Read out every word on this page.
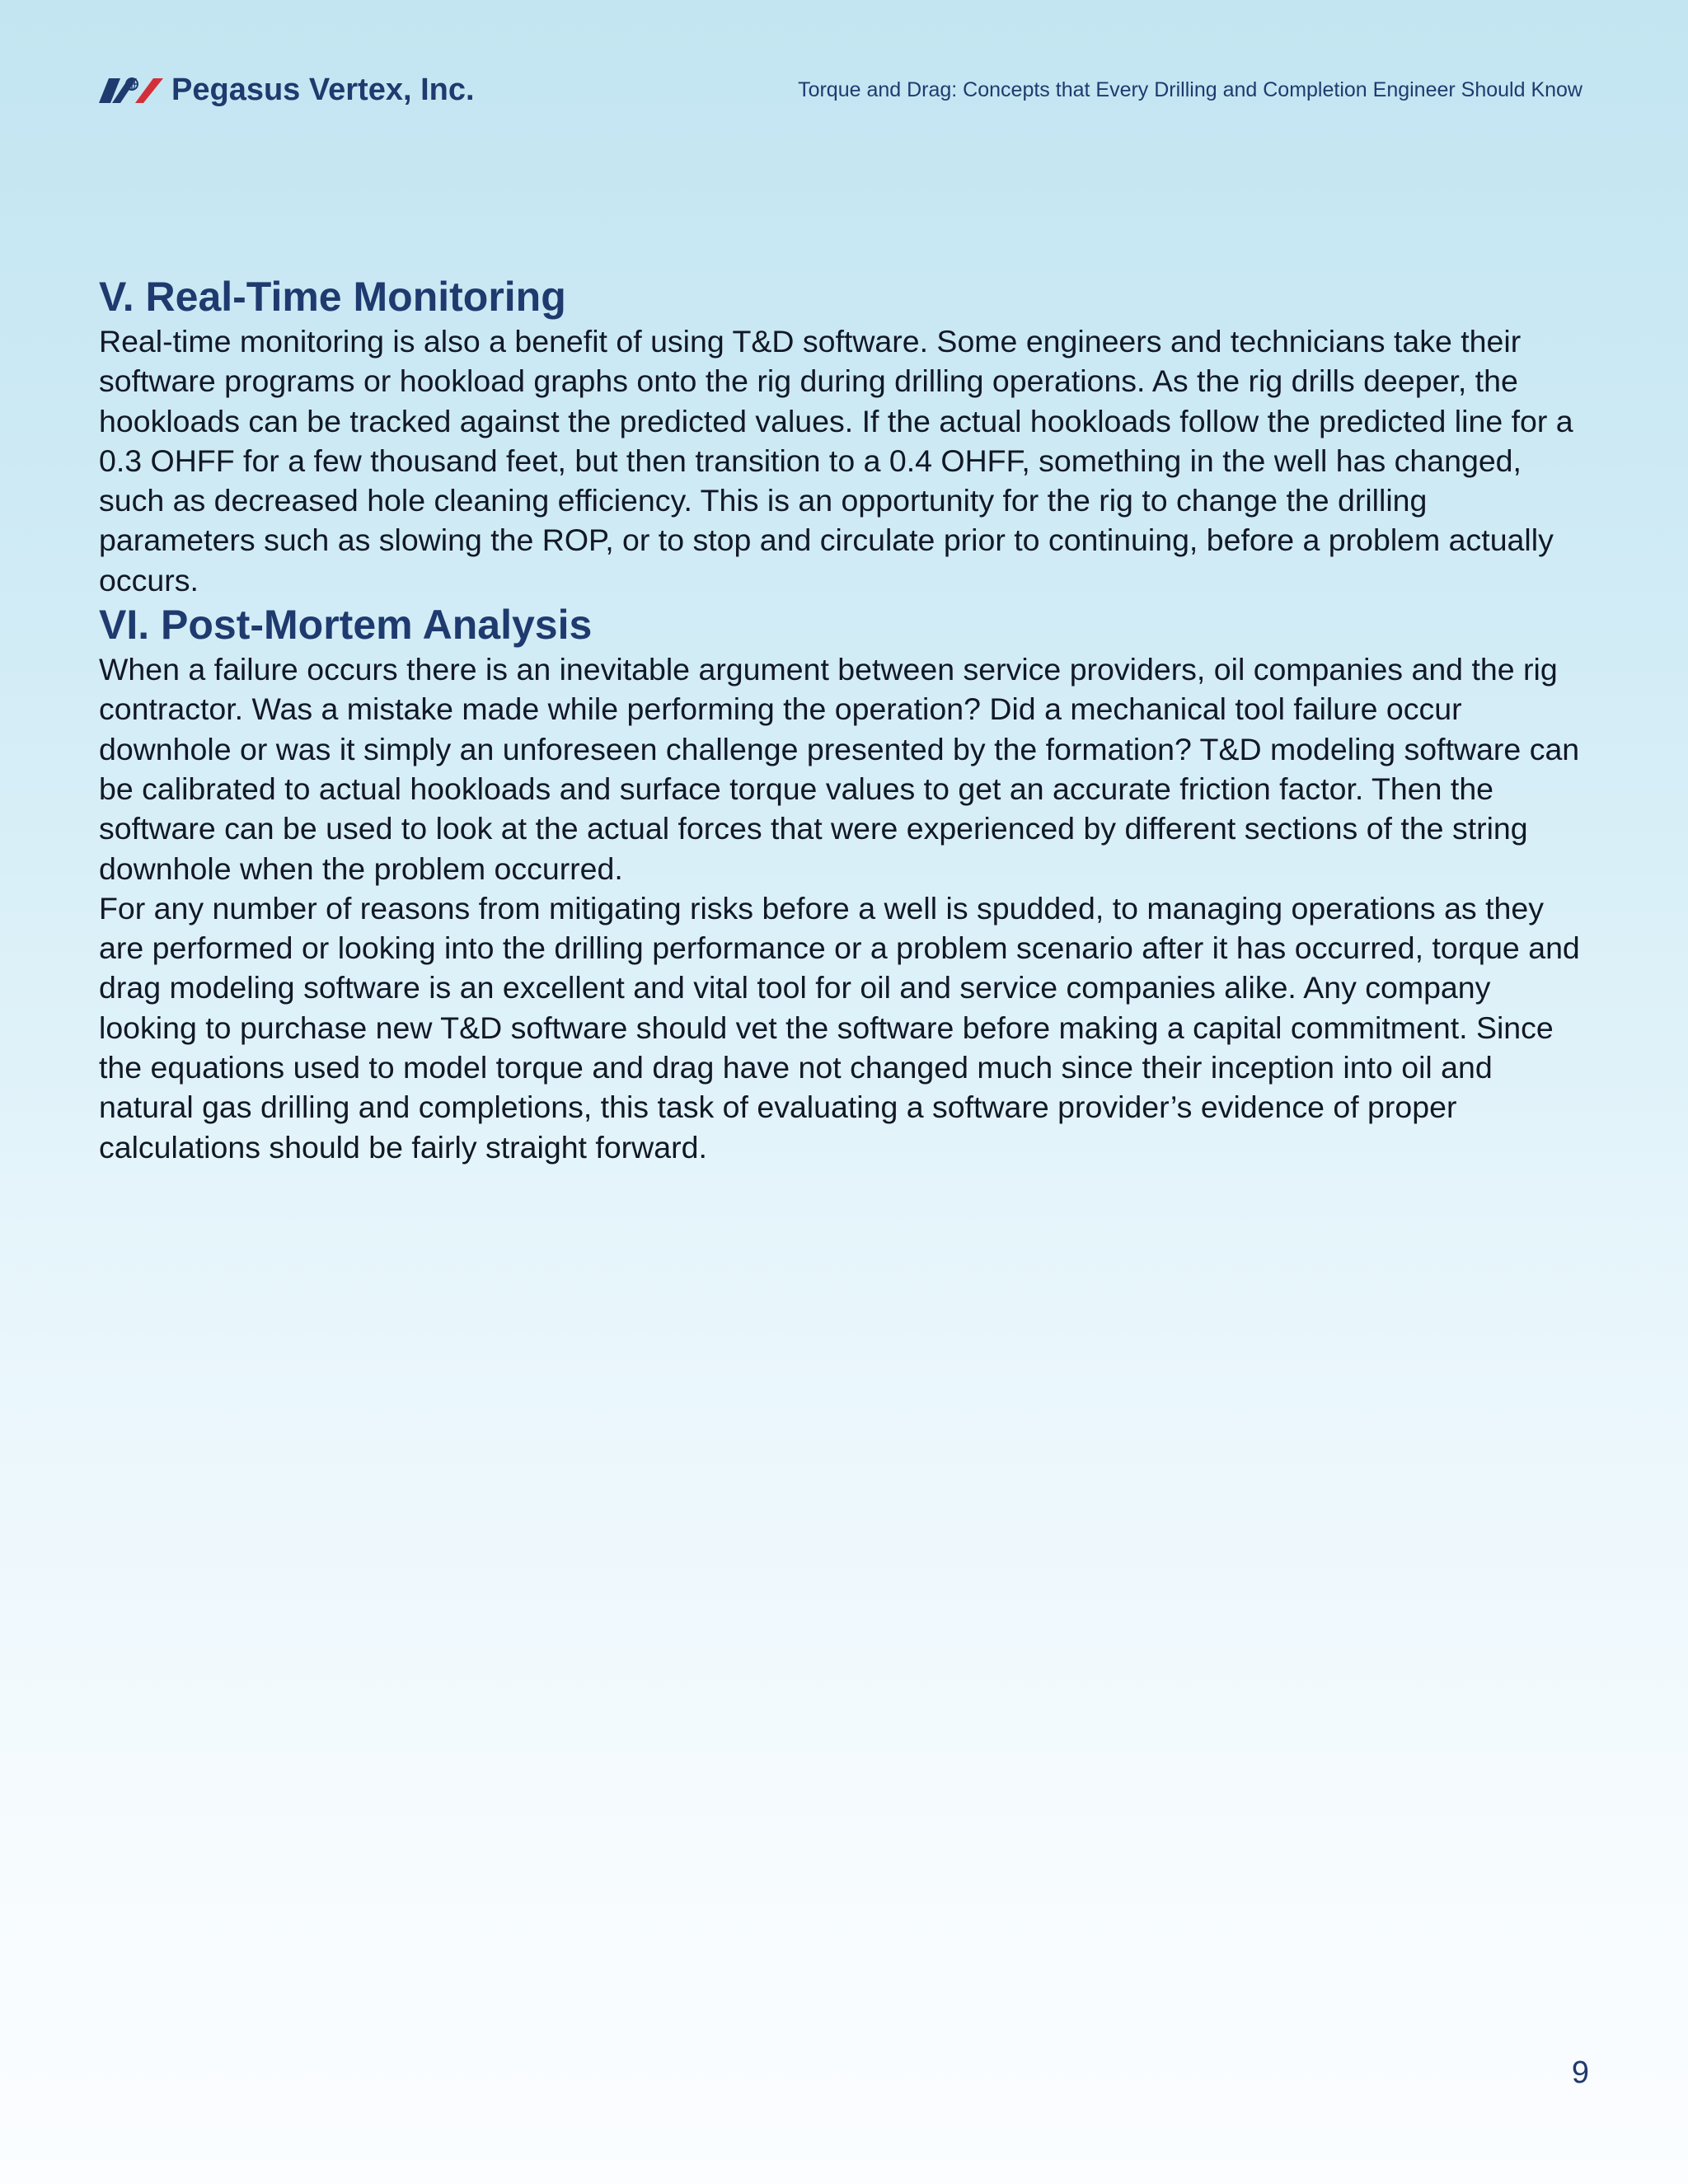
Pegasus Vertex, Inc.	Torque and Drag: Concepts that Every Drilling and Completion Engineer Should Know
V. Real-Time Monitoring

Real-time monitoring is also a benefit of using T&D software. Some engineers and technicians take their software programs or hookload graphs onto the rig during drilling operations. As the rig drills deeper, the hookloads can be tracked against the predicted values. If the actual hookloads follow the predicted line for a 0.3 OHFF for a few thousand feet, but then transition to a 0.4 OHFF, something in the well has changed, such as decreased hole cleaning efficiency. This is an opportunity for the rig to change the drilling parameters such as slowing the ROP, or to stop and circulate prior to continuing, before a problem actually occurs.

VI. Post-Mortem Analysis

When a failure occurs there is an inevitable argument between service providers, oil companies and the rig contractor. Was a mistake made while performing the operation? Did a mechanical tool failure occur downhole or was it simply an unforeseen challenge presented by the formation? T&D modeling software can be calibrated to actual hookloads and surface torque values to get an accurate friction factor. Then the software can be used to look at the actual forces that were experienced by different sections of the string downhole when the problem occurred.

For any number of reasons from mitigating risks before a well is spudded, to managing operations as they are performed or looking into the drilling performance or a problem scenario after it has occurred, torque and drag modeling software is an excellent and vital tool for oil and service companies alike. Any company looking to purchase new T&D software should vet the software before making a capital commitment. Since the equations used to model torque and drag have not changed much since their inception into oil and natural gas drilling and completions, this task of evaluating a software provider’s evidence of proper calculations should be fairly straight forward.

9
